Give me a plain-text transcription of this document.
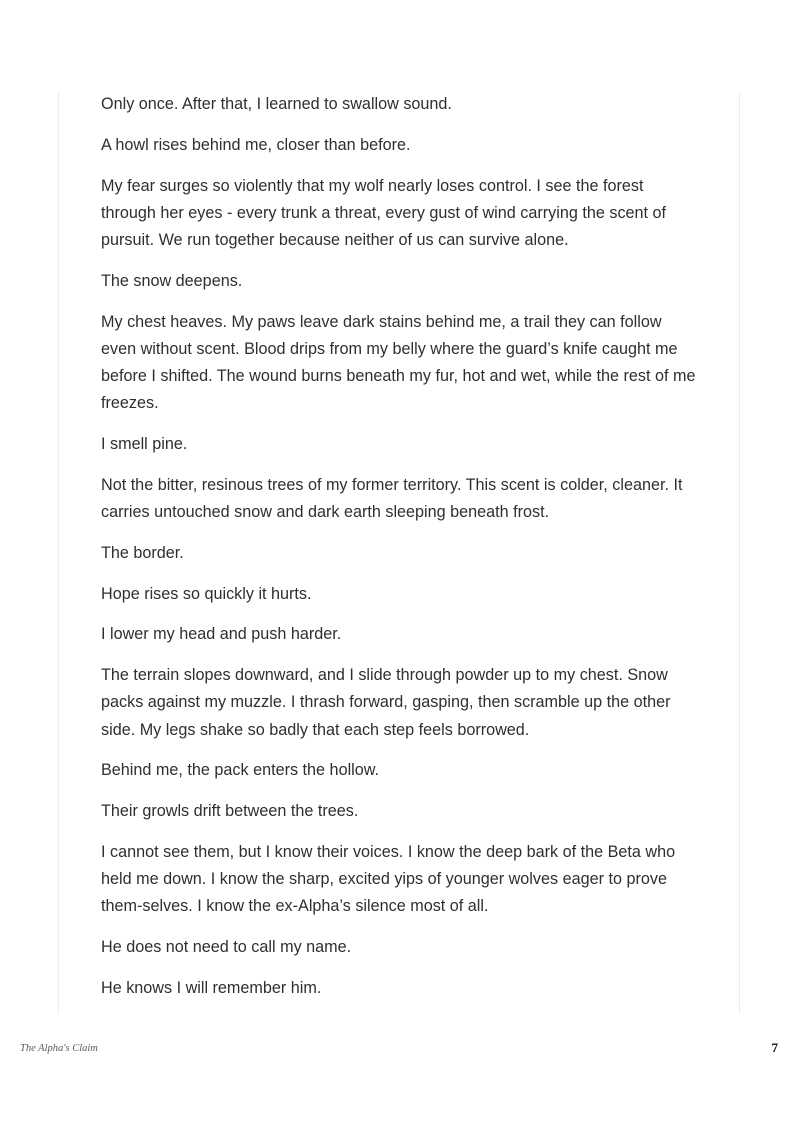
Only once. After that, I learned to swallow sound.

A howl rises behind me, closer than before.

My fear surges so violently that my wolf nearly loses control. I see the forest through her eyes - every trunk a threat, every gust of wind carrying the scent of pursuit. We run together because neither of us can survive alone.

The snow deepens.

My chest heaves. My paws leave dark stains behind me, a trail they can follow even without scent. Blood drips from my belly where the guard’s knife caught me before I shifted. The wound burns beneath my fur, hot and wet, while the rest of me freezes.

I smell pine.

Not the bitter, resinous trees of my former territory. This scent is colder, cleaner. It carries untouched snow and dark earth sleeping beneath frost.

The border.

Hope rises so quickly it hurts.

I lower my head and push harder.

The terrain slopes downward, and I slide through powder up to my chest. Snow packs against my muzzle. I thrash forward, gasping, then scramble up the other side. My legs shake so badly that each step feels borrowed.

Behind me, the pack enters the hollow.

Their growls drift between the trees.

I cannot see them, but I know their voices. I know the deep bark of the Beta who held me down. I know the sharp, excited yips of younger wolves eager to prove them-selves. I know the ex-Alpha’s silence most of all.

He does not need to call my name.

He knows I will remember him.

The Alpha's Claim	7
